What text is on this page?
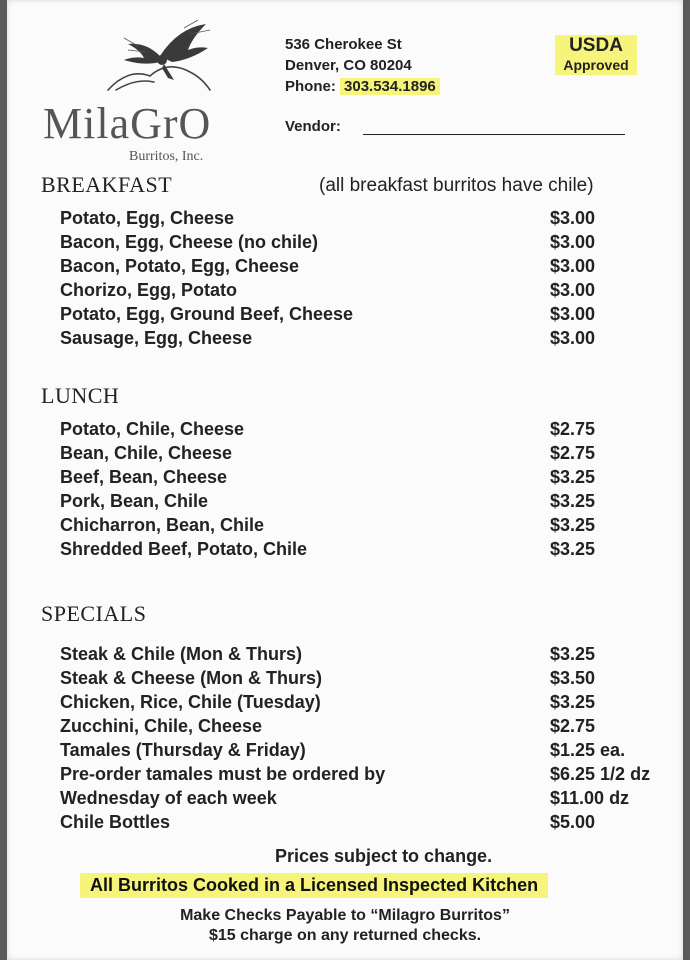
MilaGrO
Burritos, Inc.
536 Cherokee St
Denver, CO 80204
Phone: 303.534.1896
USDA
Approved
Vendor:
BREAKFAST	(all breakfast burritos have chile)
Potato, Egg, Cheese	$3.00
Bacon, Egg, Cheese (no chile)	$3.00
Bacon, Potato, Egg, Cheese	$3.00
Chorizo, Egg, Potato	$3.00
Potato, Egg, Ground Beef, Cheese	$3.00
Sausage, Egg, Cheese	$3.00
LUNCH
Potato, Chile, Cheese	$2.75
Bean, Chile, Cheese	$2.75
Beef, Bean, Cheese	$3.25
Pork, Bean, Chile	$3.25
Chicharron, Bean, Chile	$3.25
Shredded Beef, Potato, Chile	$3.25
SPECIALS
Steak & Chile (Mon & Thurs)	$3.25
Steak & Cheese (Mon & Thurs)	$3.50
Chicken, Rice, Chile (Tuesday)	$3.25
Zucchini, Chile, Cheese	$2.75
Tamales (Thursday & Friday)	$1.25 ea.
Pre-order tamales must be ordered by	$6.25 1/2 dz
Wednesday of each week	$11.00 dz
Chile Bottles	$5.00
Prices subject to change.
All Burritos Cooked in a Licensed Inspected Kitchen
Make Checks Payable to “Milagro Burritos”
$15 charge on any returned checks.
